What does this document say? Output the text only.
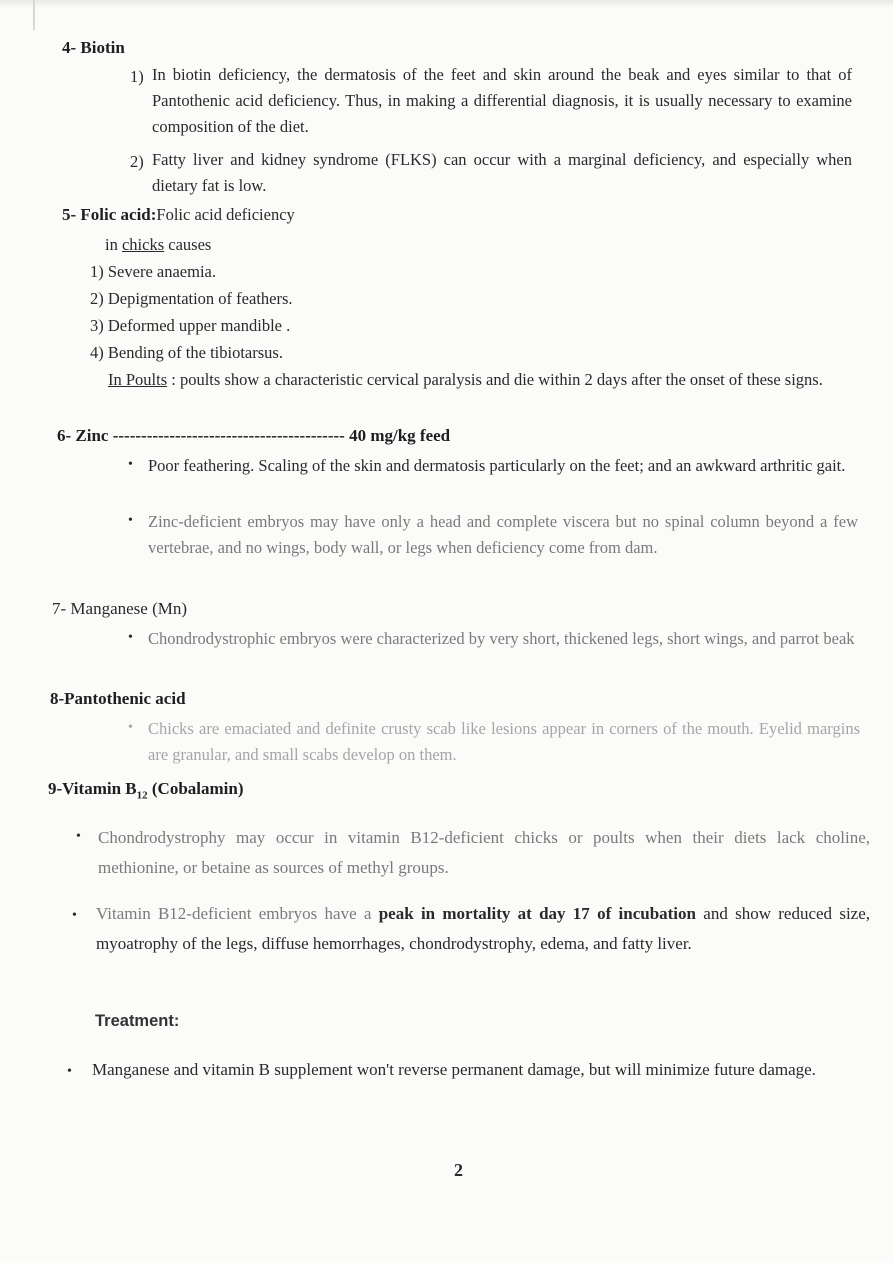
4- Biotin
1) In biotin deficiency, the dermatosis of the feet and skin around the beak and eyes similar to that of Pantothenic acid deficiency. Thus, in making a differential diagnosis, it is usually necessary to examine composition of the diet.
2) Fatty liver and kidney syndrome (FLKS) can occur with a marginal deficiency, and especially when dietary fat is low.
5- Folic acid:Folic acid deficiency
in chicks causes
1) Severe anaemia.
2) Depigmentation of feathers.
3) Deformed upper mandible .
4) Bending of the tibiotarsus.
In Poults : poults show a characteristic cervical paralysis and die within 2 days after the onset of these signs.
6- Zinc ----------------------------------------- 40 mg/kg feed
• Poor feathering. Scaling of the skin and dermatosis particularly on the feet; and an awkward arthritic gait.
• Zinc-deficient embryos may have only a head and complete viscera but no spinal column beyond a few vertebrae, and no wings, body wall, or legs when deficiency come from dam.
7- Manganese (Mn)
• Chondrodystrophic embryos were characterized by very short, thickened legs, short wings, and parrot beak
8-Pantothenic acid
• Chicks are emaciated and definite crusty scab like lesions appear in corners of the mouth. Eyelid margins are granular, and small scabs develop on them.
9-Vitamin $B_{12}$ (Cobalamin)
• Chondrodystrophy may occur in vitamin B12-deficient chicks or poults when their diets lack choline, methionine, or betaine as sources of methyl groups.
• Vitamin B12-deficient embryos have a peak in mortality at day 17 of incubation and show reduced size, myoatrophy of the legs, diffuse hemorrhages, chondrodystrophy, edema, and fatty liver.
Treatment:
• Manganese and vitamin B supplement won't reverse permanent damage, but will minimize future damage.
2
